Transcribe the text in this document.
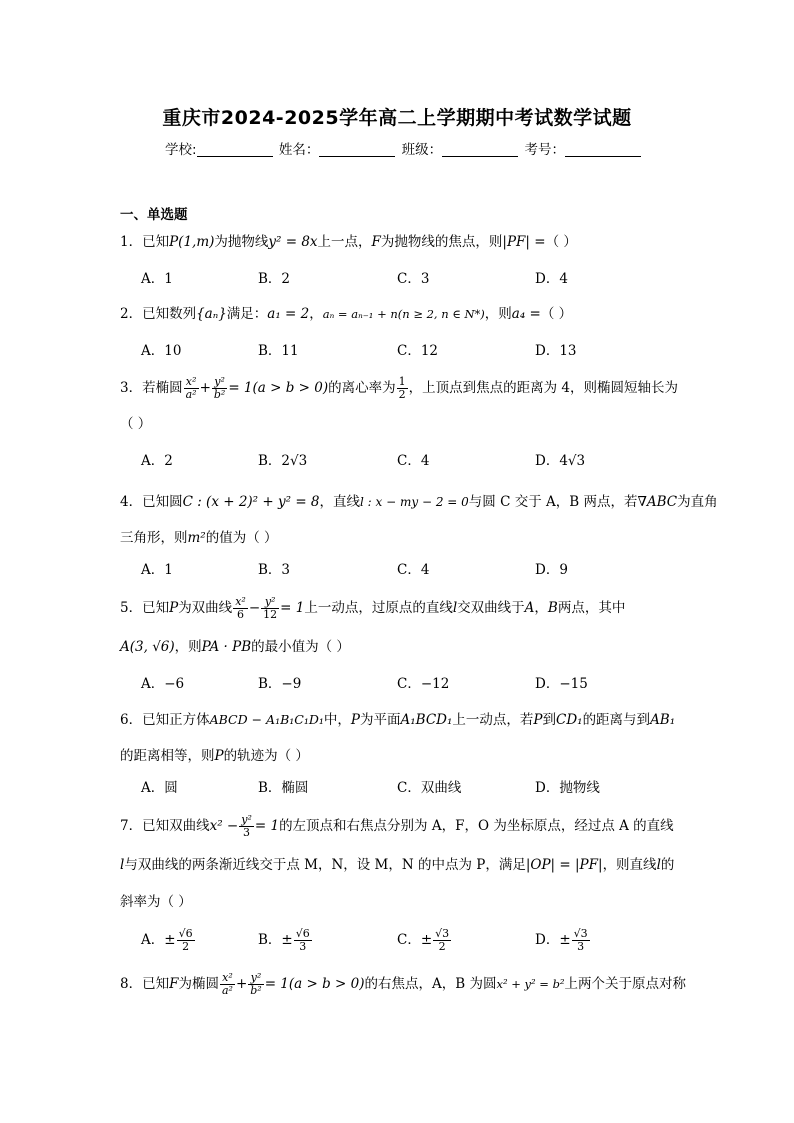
重庆市2024-2025学年高二上学期期中考试数学试题
学校:	姓名：	班级：	考号：
一、单选题
1．已知P(1,m)为抛物线y² = 8x上一点，F为抛物线的焦点，则|PF| =（ ）
A．1	B．2	C．3	D．4
2．已知数列{aₙ}满足：a₁ = 2，aₙ = aₙ₋₁ + n(n ≥ 2, n ∈ N*)，则a₄ =（ ）
A．10	B．11	C．12	D．13
3．若椭圆 $\frac{\text{x²}}{\text{a²}} + \frac{\text{y²}}{\text{b²}} = 1(a > b > 0)$的离心率为 $\frac{1}{2}$ ，上顶点到焦点的距离为 4，则椭圆短轴长为
（ ）
A．2	B．2√3	C．4	D．4√3
4．已知圆C : (x + 2)² + y² = 8，直线l : x − my − 2 = 0与圆 C 交于 A，B 两点，若∇ABC为直角
三角形，则m²的值为（ ）
A．1	B．3	C．4	D．9
5．已知P为双曲线 $\frac{\text{x²}}{6} - \frac{\text{y²}}{12} = 1$上一动点，过原点的直线l交双曲线于A，B两点，其中
A(3, √6)，则PA · PB的最小值为（ ）
A．−6	B．−9	C．−12	D．−15
6．已知正方体ABCD − A₁B₁C₁D₁中，P为平面A₁BCD₁上一动点，若P到CD₁的距离与到AB₁
的距离相等，则P的轨迹为（ ）
A．圆	B．椭圆	C．双曲线	D．抛物线
7．已知双曲线$x^2 - \frac{\text{y²}}{3} = 1$的左顶点和右焦点分别为 A，F，O 为坐标原点，经过点 A 的直线
l与双曲线的两条渐近线交于点 M，N，设 M，N 的中点为 P，满足|OP| = |PF|，则直线l的
斜率为（ ）
A．± $\frac{√6}{2}$	B．± $\frac{√6}{3}$	C．± $\frac{√3}{2}$	D．± $\frac{√3}{3}$
8．已知F为椭圆 $\frac{\text{x²}}{\text{a²}} + \frac{\text{y²}}{\text{b²}} = 1(a > b > 0)$的右焦点，A，B 为圆x² + y² = b²上两个关于原点对称
